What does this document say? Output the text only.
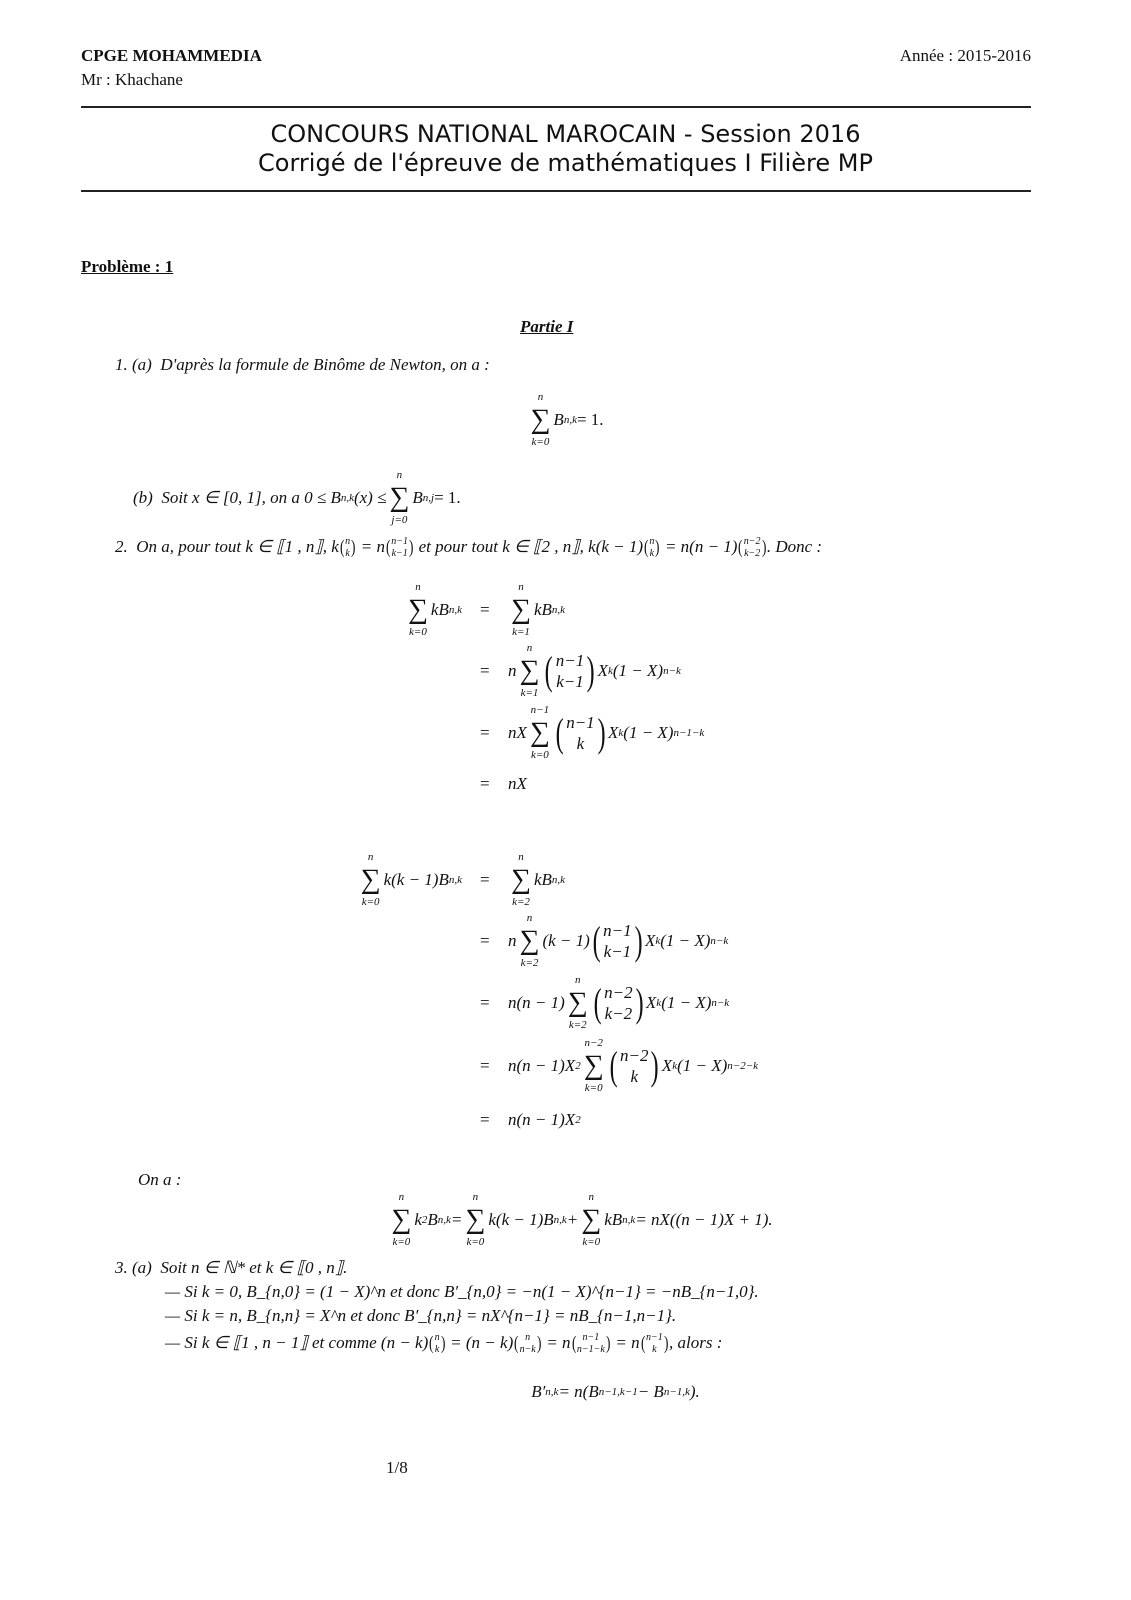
CPGE MOHAMMEDIA
Mr : Khachane
Année : 2015-2016
CONCOURS NATIONAL MAROCAIN - Session 2016
Corrigé de l'épreuve de mathématiques I Filière MP
Problème : 1
Partie I
1. (a) D'après la formule de Binôme de Newton, on a :
n
∑
k=0
B n,k = 1.
(b)
Soit x ∈ [0, 1], on a 0 ≤ B n,k (x) ≤
n
∑
j=0
B n,j = 1.
2. On a, pour tout k ∈ ⟦1 , n⟧, k ( n
k ) = n ( n−1
k−1 ) et pour tout k ∈ ⟦2 , n⟧, k(k − 1) ( n
k ) = n(n − 1) ( n−2
k−2 ) . Donc :
n
∑
k=0
kB n,k =
n
∑
k=1
kB n,k
= n
n
∑
k=1 ( n−1
k−1 ) X k (1 − X) n−k
= nX
n−1
∑
k=0 ( n−1
k ) X k (1 − X) n−1−k
= nX
n
∑
k=0
k(k − 1)B n,k =
n
∑
k=2
kB n,k
= n
n
∑
k=2
(k − 1) ( n−1
k−1 ) X k (1 − X) n−k
= n(n − 1)
n
∑
k=2 ( n−2
k−2 ) X k (1 − X) n−k
= n(n − 1)X 2
n−2
∑
k=0 ( n−2
k ) X k (1 − X) n−2−k
= n(n − 1)X 2
On a :
n
∑
k=0
k 2 B n,k =
n
∑
k=0
k(k − 1)B n,k +
n
∑
k=0
kB n,k = nX((n − 1)X + 1).
3. (a) Soit n ∈ ℕ* et k ∈ ⟦0 , n⟧.
— Si k = 0, B_{n,0} = (1 − X)^n et donc B′_{n,0} = −n(1 − X)^{n−1} = −nB_{n−1,0}.
— Si k = n, B_{n,n} = X^n et donc B′_{n,n} = nX^{n−1} = nB_{n−1,n−1}.
— Si k ∈ ⟦1 , n − 1⟧ et comme (n − k) ( n
k ) = (n − k) ( n
n−k ) = n ( n−1
n−1−k ) = n ( n−1
k ) , alors :
B′ n,k = n(B n−1,k−1 − B n−1,k ).
1/8
